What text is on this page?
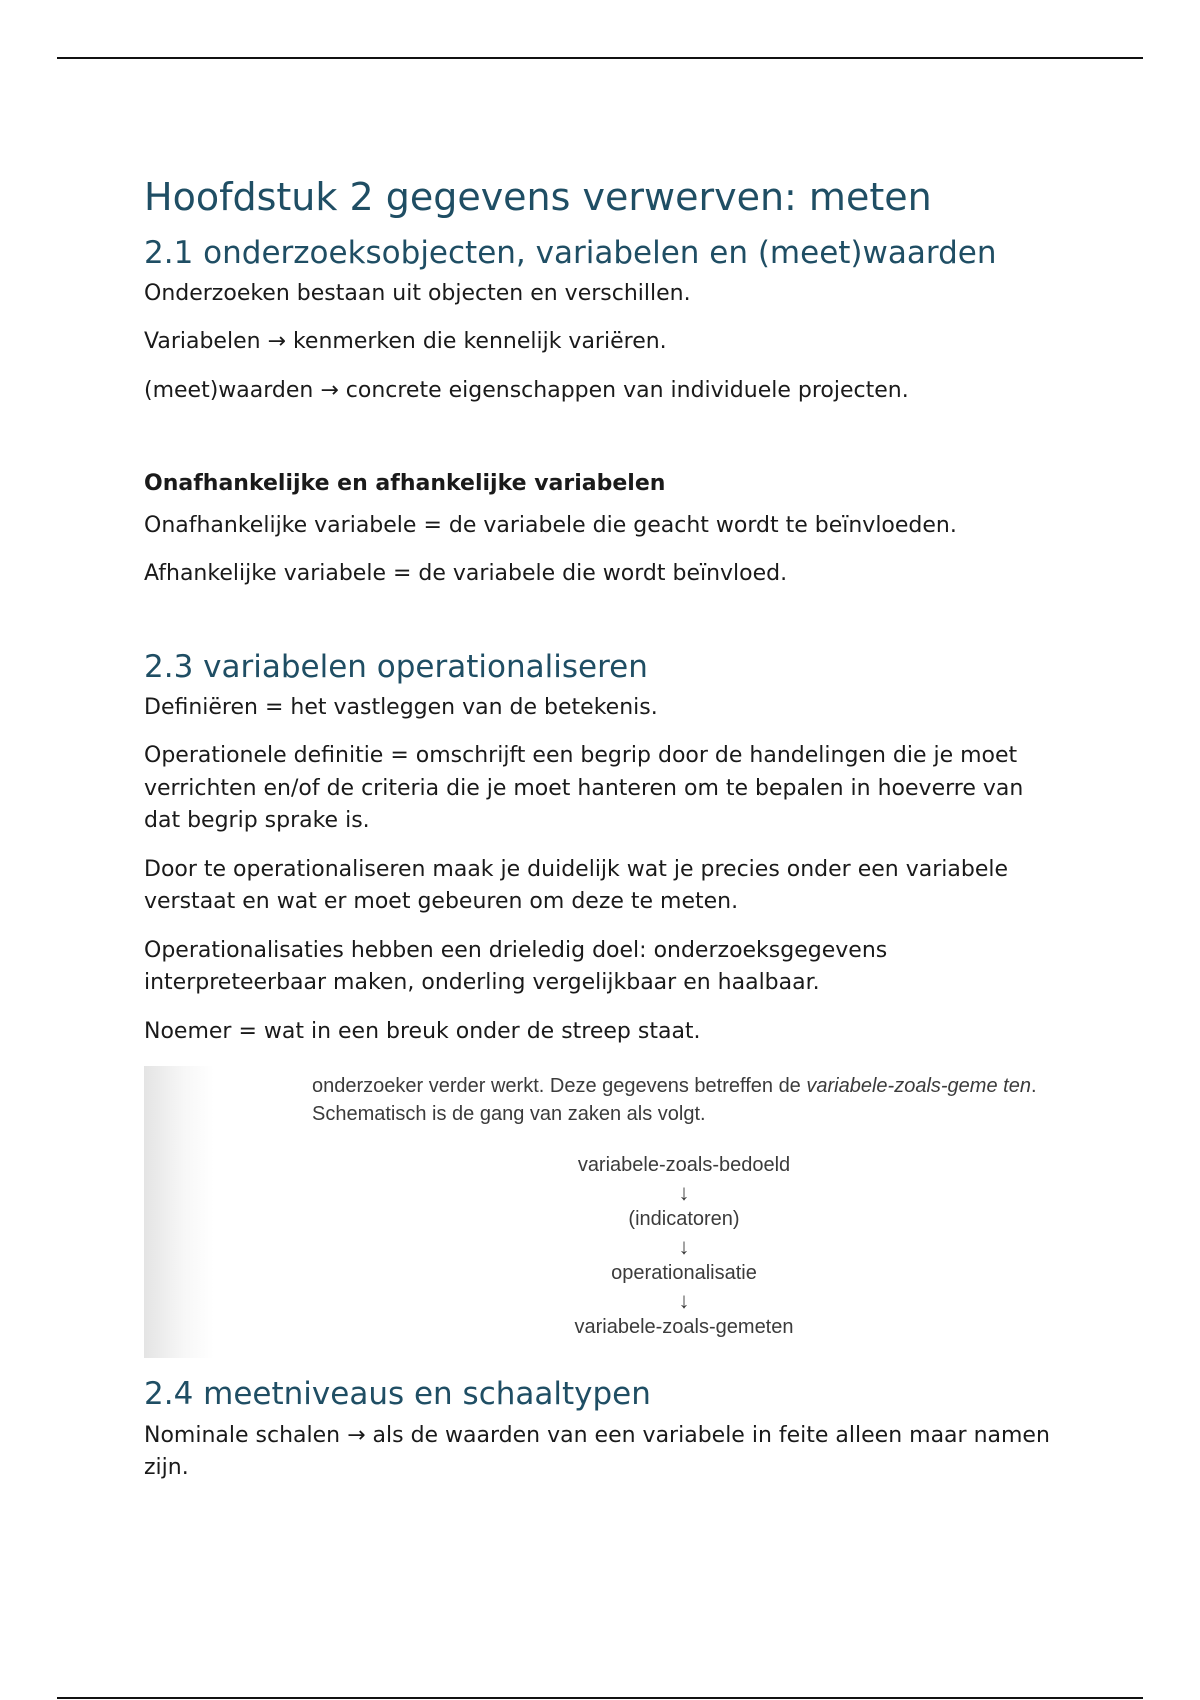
Hoofdstuk 2 gegevens verwerven: meten
2.1 onderzoeksobjecten, variabelen en (meet)waarden

Onderzoeken bestaan uit objecten en verschillen.

Variabelen → kenmerken die kennelijk variëren.

(meet)waarden → concrete eigenschappen van individuele projecten.

Onafhankelijke en afhankelijke variabelen

Onafhankelijke variabele = de variabele die geacht wordt te beïnvloeden.

Afhankelijke variabele = de variabele die wordt beïnvloed.

2.3 variabelen operationaliseren

Definiëren = het vastleggen van de betekenis.

Operationele definitie = omschrijft een begrip door de handelingen die je moet verrichten en/of de criteria die je moet hanteren om te bepalen in hoeverre van dat begrip sprake is.

Door te operationaliseren maak je duidelijk wat je precies onder een variabele verstaat en wat er moet gebeuren om deze te meten.

Operationalisaties hebben een drieledig doel: onderzoeksgegevens interpreteerbaar maken, onderling vergelijkbaar en haalbaar.

Noemer = wat in een breuk onder de streep staat.

onderzoeker verder werkt. Deze gegevens betreffen de variabele-zoals-geme ten. Schematisch is de gang van zaken als volgt.
variabele-zoals-bedoeld
↓
(indicatoren)
↓
operationalisatie
↓
variabele-zoals-gemeten
2.4 meetniveaus en schaaltypen

Nominale schalen → als de waarden van een variabele in feite alleen maar namen zijn.
